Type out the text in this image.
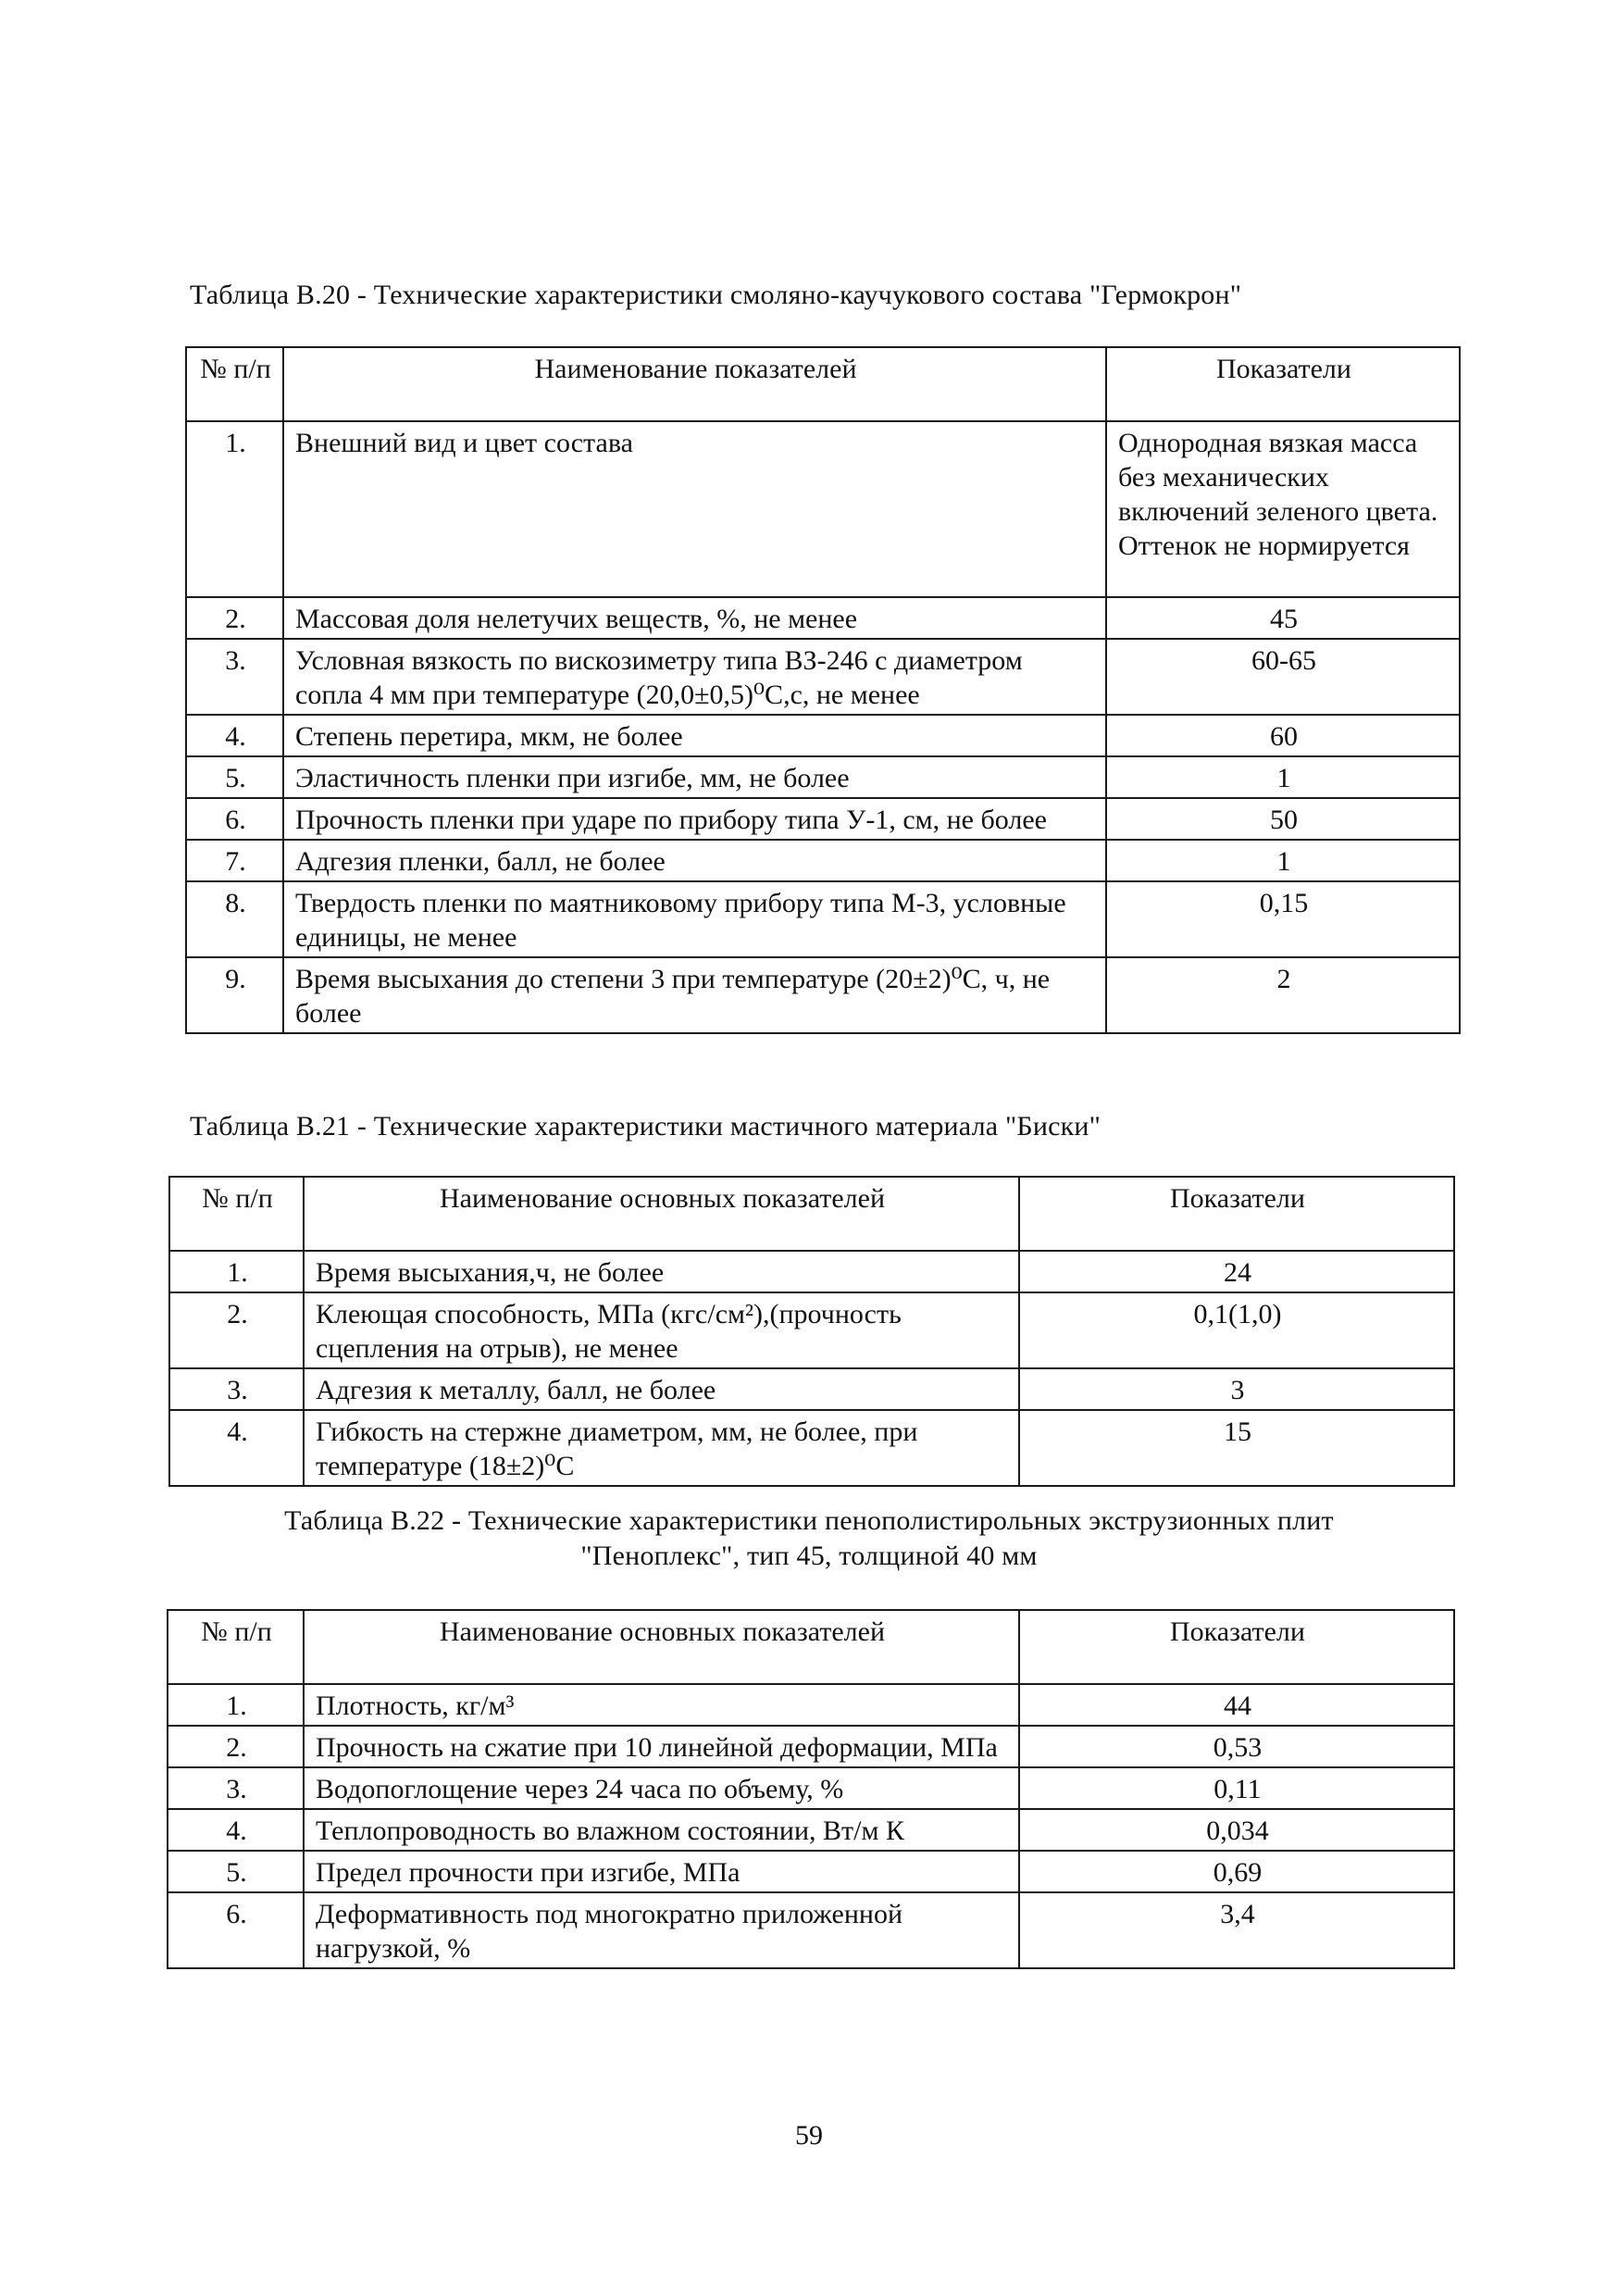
Таблица В.20 - Технические характеристики смоляно-каучукового состава "Гермокрон"
№ п/п	Наименование показателей	Показатели
1.	Внешний вид и цвет состава	Однородная вязкая масса без механических включений зеленого цвета. Оттенок не нормируется
2.	Массовая доля нелетучих веществ, %, не менее	45
3.	Условная вязкость по вискозиметру типа ВЗ-246 с диаметром сопла 4 мм при температуре (20,0±0,5)⁰С,с, не менее	60-65
4.	Степень перетира, мкм, не более	60
5.	Эластичность пленки при изгибе, мм, не более	1
6.	Прочность пленки при ударе по прибору типа У-1, см, не более	50
7.	Адгезия пленки, балл, не более	1
8.	Твердость пленки по маятниковому прибору типа М-3, условные единицы, не менее	0,15
9.	Время высыхания до степени 3 при температуре (20±2)⁰С, ч, не более	2
Таблица В.21 - Технические характеристики мастичного материала "Биски"
№ п/п	Наименование основных показателей	Показатели
1.	Время высыхания,ч, не более	24
2.	Клеющая способность, МПа (кгс/см²),(прочность сцепления на отрыв), не менее	0,1(1,0)
3.	Адгезия к металлу, балл, не более	3
4.	Гибкость на стержне диаметром, мм, не более, при температуре (18±2)⁰С	15
Таблица В.22 - Технические характеристики пенополистирольных экструзионных плит
"Пеноплекс", тип 45, толщиной 40 мм
№ п/п	Наименование основных показателей	Показатели
1.	Плотность, кг/м³	44
2.	Прочность на сжатие при 10 линейной деформации, МПа	0,53
3.	Водопоглощение через 24 часа по объему, %	0,11
4.	Теплопроводность во влажном состоянии, Вт/м К	0,034
5.	Предел прочности при изгибе, МПа	0,69
6.	Деформативность под многократно приложенной нагрузкой, %	3,4
59
